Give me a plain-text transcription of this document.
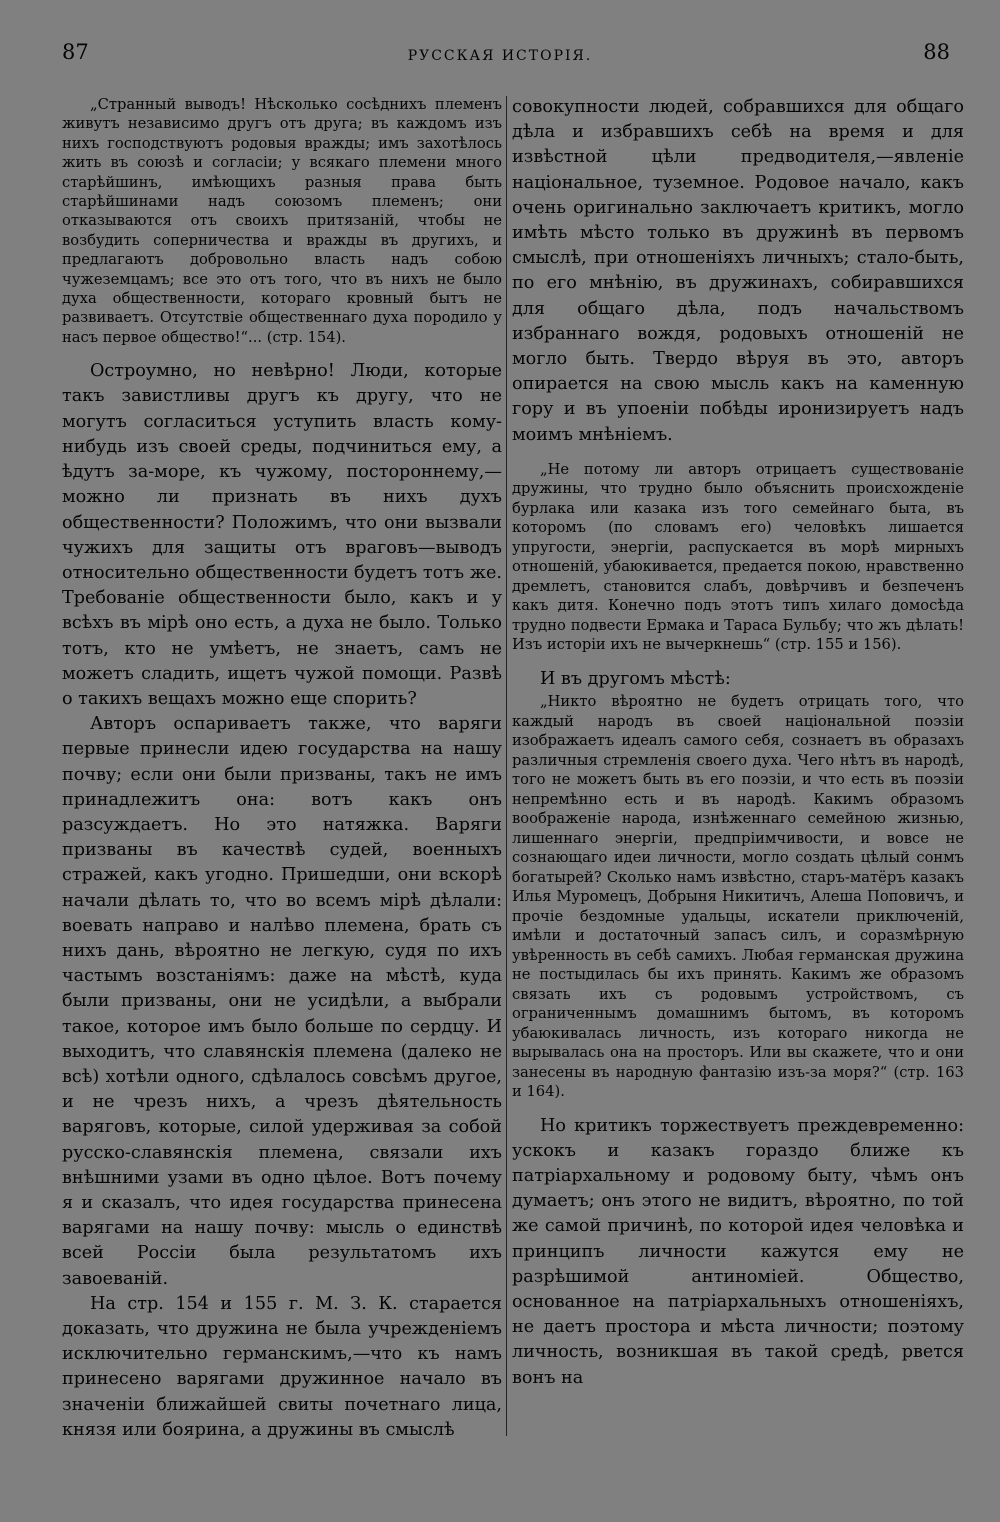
87	РУССКАЯ ИСТОРІЯ.	88

„Странный выводъ! Нѣсколько сосѣднихъ племенъ живутъ независимо другъ отъ друга; въ каждомъ изъ нихъ господствуютъ родовыя вражды; имъ захотѣлось жить въ союзѣ и согласіи; у всякаго племени много старѣйшинъ, имѣющихъ разныя права быть старѣйшинами надъ союзомъ племенъ; они отказываются отъ своихъ притязаній, чтобы не возбудить соперничества и вражды въ другихъ, и предлагаютъ добровольно власть надъ собою чужеземцамъ; все это отъ того, что въ нихъ не было духа общественности, котораго кровный бытъ не развиваетъ. Отсутствіе общественнаго духа породило у насъ первое общество!“... (стр. 154).

Остроумно, но невѣрно! Люди, которые такъ завистливы другъ къ другу, что не могутъ согласиться уступить власть кому-нибудь изъ своей среды, подчиниться ему, а ѣдутъ за-море, къ чужому, постороннему,—можно ли признать въ нихъ духъ общественности? Положимъ, что они вызвали чужихъ для защиты отъ враговъ—выводъ относительно общественности будетъ тотъ же. Требованіе общественности было, какъ и у всѣхъ въ мірѣ оно есть, а духа не было. Только тотъ, кто не умѣетъ, не знаетъ, самъ не можетъ сладить, ищетъ чужой помощи. Развѣ о такихъ вещахъ можно еще спорить?

Авторъ оспариваетъ также, что варяги первые принесли идею государства на нашу почву; если они были призваны, такъ не имъ принадлежитъ она: вотъ какъ онъ разсуждаетъ. Но это натяжка. Варяги призваны въ качествѣ судей, военныхъ стражей, какъ угодно. Пришедши, они вскорѣ начали дѣлать то, что во всемъ мірѣ дѣлали: воевать направо и налѣво племена, брать съ нихъ дань, вѣроятно не легкую, судя по ихъ частымъ возстаніямъ: даже на мѣстѣ, куда были призваны, они не усидѣли, а выбрали такое, которое имъ было больше по сердцу. И выходитъ, что славянскія племена (далеко не всѣ) хотѣли одного, сдѣлалось совсѣмъ другое, и не чрезъ нихъ, а чрезъ дѣятельность варяговъ, которые, силой удерживая за собой русско-славянскія племена, связали ихъ внѣшними узами въ одно цѣлое. Вотъ почему я и сказалъ, что идея государства принесена варягами на нашу почву: мысль о единствѣ всей Россіи была результатомъ ихъ завоеваній.

На стр. 154 и 155 г. М. З. К. старается доказать, что дружина не была учрежденіемъ исключительно германскимъ,—что къ намъ принесено варягами дружинное начало въ значеніи ближайшей свиты почетнаго лица, князя или боярина, а дружины въ смыслѣ

совокупности людей, собравшихся для общаго дѣла и избравшихъ себѣ на время и для извѣстной цѣли предводителя,—явленіе національное, туземное. Родовое начало, какъ очень оригинально заключаетъ критикъ, могло имѣть мѣсто только въ дружинѣ въ первомъ смыслѣ, при отношеніяхъ личныхъ; стало-быть, по его мнѣнію, въ дружинахъ, собиравшихся для общаго дѣла, подъ начальствомъ избраннаго вождя, родовыхъ отношеній не могло быть. Твердо вѣруя въ это, авторъ опирается на свою мысль какъ на каменную гору и въ упоеніи побѣды иронизируетъ надъ моимъ мнѣніемъ.

„Не потому ли авторъ отрицаетъ существованіе дружины, что трудно было объяснить происхожденіе бурлака или казака изъ того семейнаго быта, въ которомъ (по словамъ его) человѣкъ лишается упругости, энергіи, распускается въ морѣ мирныхъ отношеній, убаюкивается, предается покою, нравственно дремлетъ, становится слабъ, довѣрчивъ и безпеченъ какъ дитя. Конечно подъ этотъ типъ хилаго домосѣда трудно подвести Ермака и Тараса Бульбу; что жъ дѣлать! Изъ исторіи ихъ не вычеркнешь“ (стр. 155 и 156).

И въ другомъ мѣстѣ:

„Никто вѣроятно не будетъ отрицать того, что каждый народъ въ своей національной поэзіи изображаетъ идеалъ самого себя, сознаетъ въ образахъ различныя стремленія своего духа. Чего нѣтъ въ народѣ, того не можетъ быть въ его поэзіи, и что есть въ поэзіи непремѣнно есть и въ народѣ. Какимъ образомъ воображеніе народа, изнѣженнаго семейною жизнью, лишеннаго энергіи, предпріимчивости, и вовсе не сознающаго идеи личности, могло создать цѣлый сонмъ богатырей? Сколько намъ извѣстно, старъ-матёръ казакъ Илья Муромецъ, Добрыня Никитичъ, Алеша Поповичъ, и прочіе бездомные удальцы, искатели приключеній, имѣли и достаточный запасъ силъ, и соразмѣрную увѣренность въ себѣ самихъ. Любая германская дружина не постыдилась бы ихъ принять. Какимъ же образомъ связать ихъ съ родовымъ устройствомъ, съ ограниченнымъ домашнимъ бытомъ, въ которомъ убаюкивалась личность, изъ котораго никогда не вырывалась она на просторъ. Или вы скажете, что и они занесены въ народную фантазію изъ-за моря?“ (стр. 163 и 164).

Но критикъ торжествуетъ преждевременно: ускокъ и казакъ гораздо ближе къ патріархальному и родовому быту, чѣмъ онъ думаетъ; онъ этого не видитъ, вѣроятно, по той же самой причинѣ, по которой идея человѣка и принципъ личности кажутся ему не разрѣшимой антиноміей. Общество, основанное на патріархальныхъ отношеніяхъ, не даетъ простора и мѣста личности; поэтому личность, возникшая въ такой средѣ, рвется вонъ на
